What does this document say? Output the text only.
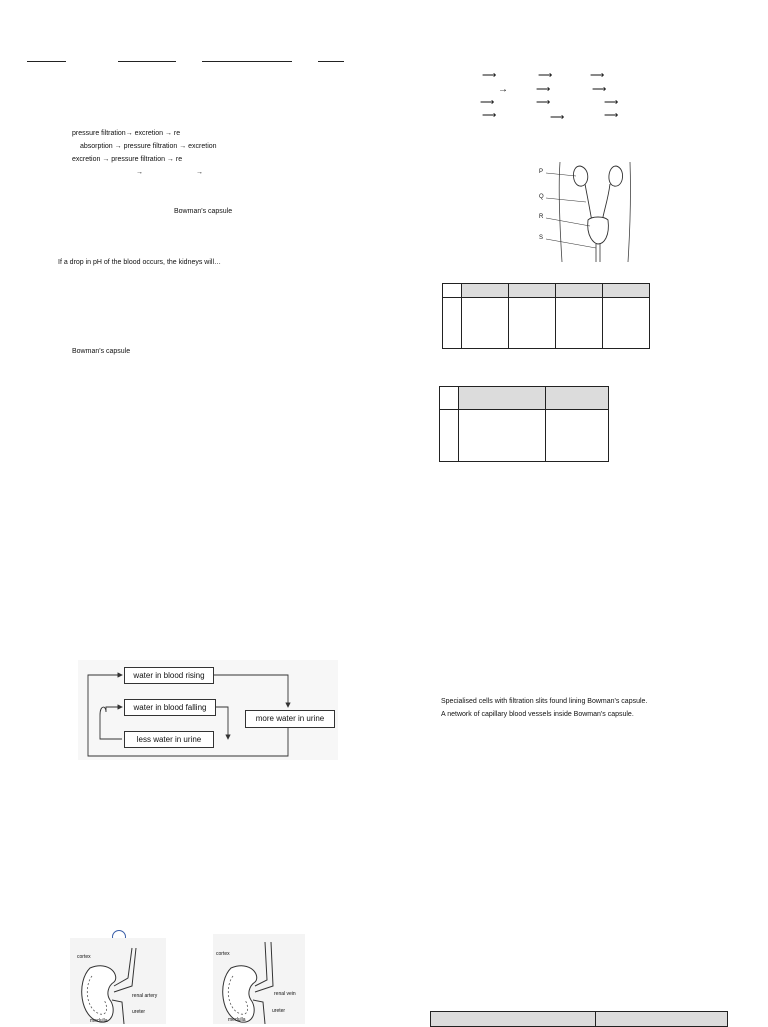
pressure filtration→ excretion → re
absorption → pressure filtration → excretion
excretion → pressure filtration → re
→	→
Bowman's capsule
If a drop in pH of the blood occurs, the kidneys will…
Bowman's capsule
⟶	⟶	⟶
→	⟶	⟶
⟶	⟶	⟶
⟶	⟶	⟶
P
Q
R
S

Specialised cells with filtration slits found lining Bowman's capsule.
A network of capillary blood vessels inside Bowman's capsule.
water in blood rising
water in blood falling
less water in urine
more water in urine
cortex
renal artery
ureter
medulla
cortex
renal vein
ureter
medulla
